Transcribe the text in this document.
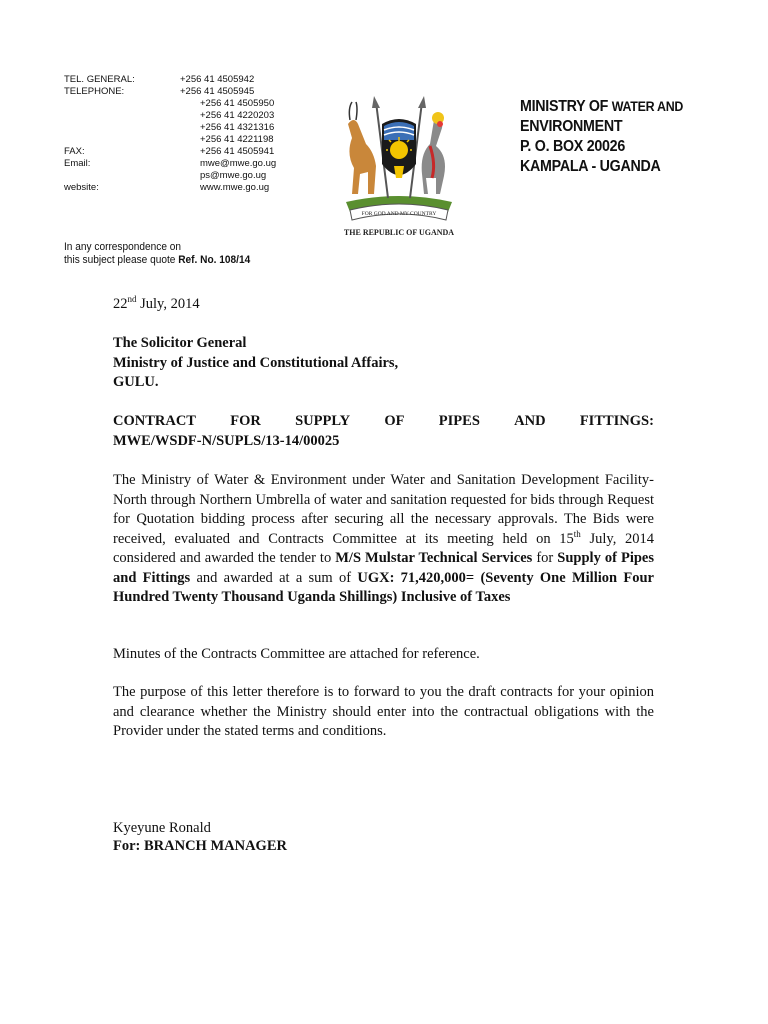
TEL. GENERAL:	+256 41 4505942
TELEPHONE:	+256 41 4505945
+256 41 4505950
+256 41 4220203
+256 41 4321316
+256 41 4221198
FAX:	+256 41 4505941
Email:	mwe@mwe.go.ug
ps@mwe.go.ug
website:	www.mwe.go.ug
FOR GOD AND MY COUNTRY
THE REPUBLIC OF UGANDA
MINISTRY OF WATER AND
ENVIRONMENT
P. O. BOX 20026
KAMPALA - UGANDA
In any correspondence on
this subject please quote Ref. No. 108/14
22nd July, 2014
The Solicitor General
Ministry of Justice and Constitutional Affairs,
GULU.
CONTRACT FOR SUPPLY OF PIPES AND FITTINGS:
MWE/WSDF-N/SUPLS/13-14/00025
The Ministry of Water & Environment under Water and Sanitation Development Facility-North through Northern Umbrella of water and sanitation requested for bids through Request for Quotation bidding process after securing all the necessary approvals. The Bids were received, evaluated and Contracts Committee at its meeting held on 15th July, 2014 considered and awarded the tender to M/S Mulstar Technical Services for Supply of Pipes and Fittings and awarded at a sum of UGX: 71,420,000= (Seventy One Million Four Hundred Twenty Thousand Uganda Shillings) Inclusive of Taxes
Minutes of the Contracts Committee are attached for reference.
The purpose of this letter therefore is to forward to you the draft contracts for your opinion and clearance whether the Ministry should enter into the contractual obligations with the Provider under the stated terms and conditions.
Kyeyune Ronald
For: BRANCH MANAGER
